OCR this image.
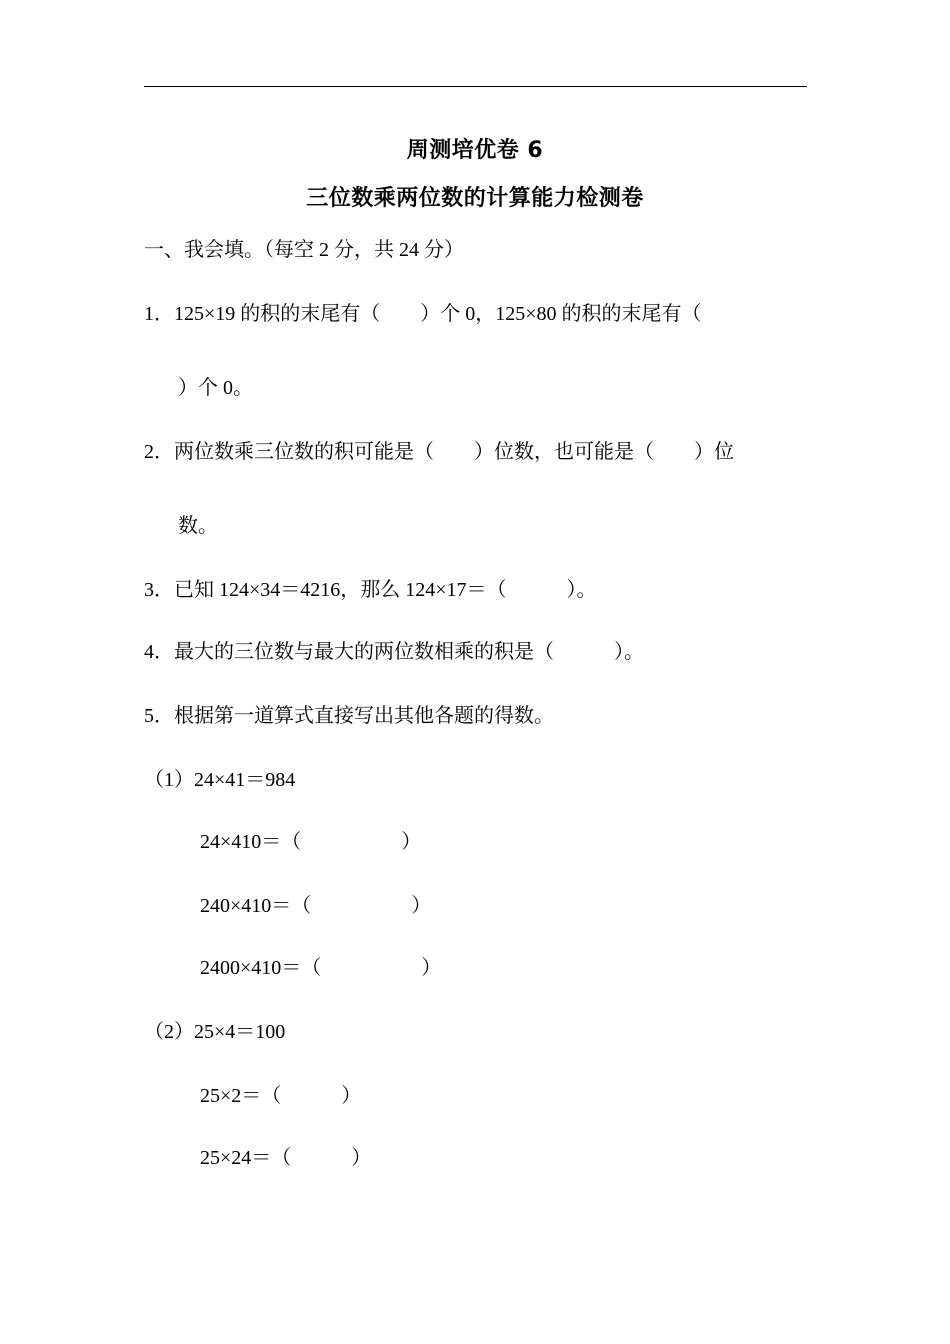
周测培优卷 6
三位数乘两位数的计算能力检测卷
一、我会填。（每空 2 分，共 24 分）
1．125×19 的积的末尾有（　　）个 0，125×80 的积的末尾有（
）个 0。
2．两位数乘三位数的积可能是（　　）位数，也可能是（　　）位
数。
3．已知 124×34＝4216，那么 124×17＝（　　　）。
4．最大的三位数与最大的两位数相乘的积是（　　　）。
5．根据第一道算式直接写出其他各题的得数。
（1）24×41＝984
24×410＝（　　　　　）
240×410＝（　　　　　）
2400×410＝（　　　　　）
（2）25×4＝100
25×2＝（　　　）
25×24＝（　　　）
